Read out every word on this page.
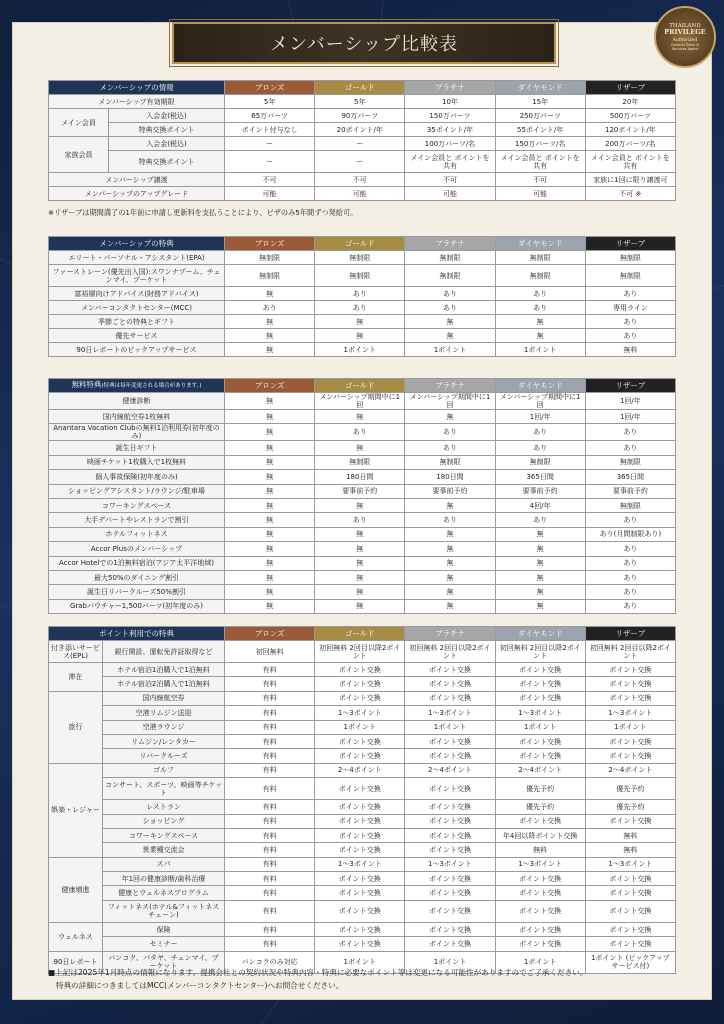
メンバーシップ比較表
THAILAND
PRIVILEGE
Authorized
General Sales &
Services Agent
メンバーシップの情報		ブロンズ	ゴールド	プラチナ	ダイヤモンド	リザーブ
メンバーシップ有効期限		5年	5年	10年	15年	20年
メイン会員	入会金(税込)	65万バーツ	90万バーツ	150万バーツ	250万バーツ	500万バーツ
	特典交換ポイント	ポイント付与なし	20ポイント/年	35ポイント/年	55ポイント/年	120ポイント/年
家族会員	入会金(税込)	ー	ー	100万バーツ/名	150万バーツ/名	200万バーツ/名
	特典交換ポイント	ー	ー	メイン会員と ポイントを共有	メイン会員と ポイントを共有	メイン会員と ポイントを共有
メンバーシップ譲渡		不可	不可	不可	不可	家族に1回に限り譲渡可
メンバーシップのアップグレード		可能	可能	可能	可能	不可 ※
※リザーブは期間満了の1年前に申請し更新料を支払うことにより、ビザのみ5年間ずつ発給可。
メンバーシップの特典	ブロンズ	ゴールド	プラチナ	ダイヤモンド	リザーブ
エリート・パーソナル・アシスタント(EPA)	無制限	無制限	無制限	無制限	無制限
ファーストレーン(優先出入国):スワンナプーム、チェンマイ、プーケット	無制限	無制限	無制限	無制限	無制限
富裕層向けアドバイス(財務アドバイス)	無	あり	あり	あり	あり
メンバーコンタクトセンター(MCC)	あり	あり	あり	あり	専用ライン
季節ごとの特典とギフト	無	無	無	無	あり
優先サービス	無	無	無	無	あり
90日レポートのピックアップサービス	無	1ポイント	1ポイント	1ポイント	無料
無料特典(特典は毎年変更される場合があります。)	ブロンズ	ゴールド	プラチナ	ダイヤモンド	リザーブ
健康診断	無	メンバーシップ期間中に1回	メンバーシップ期間中に1回	メンバーシップ期間中に1回	1回/年
国内線航空券1枚無料	無	無	無	1回/年	1回/年
Anantara Vacation Clubの無料1泊利用券(初年度のみ)	無	あり	あり	あり	あり
誕生日ギフト	無	無	あり	あり	あり
映画チケット1枚購入で1枚無料	無	無制限	無制限	無制限	無制限
個人事故保険(初年度のみ)	無	180日間	180日間	365日間	365日間
ショッピングアシスタント/ラウンジ/駐車場	無	要事前予約	要事前予約	要事前予約	要事前予約
コワーキングスペース	無	無	無	4回/年	無制限
大手デパートやレストランで割引	無	あり	あり	あり	あり
ホテルフィットネス	無	無	無	無	あり(月間制限あり)
Accor Plusのメンバーシップ	無	無	無	無	あり
Accor Hotelでの1泊無料宿泊(アジア太平洋地域)	無	無	無	無	あり
最大50%のダイニング割引	無	無	無	無	あり
誕生日リバークルーズ50%割引	無	無	無	無	あり
Grabバウチャー1,500バーツ(初年度のみ)	無	無	無	無	あり
ポイント利用での特典		ブロンズ	ゴールド	プラチナ	ダイヤモンド	リザーブ
付き添いサービス(EPL)	銀行開設、運転免許証取得など	初回無料	初回無料 2回目以降2ポイント	初回無料 2回目以降2ポイント	初回無料 2回目以降2ポイント	初回無料 2回目以降2ポイント
滞在	ホテル宿泊1泊購入で1泊無料	有料	ポイント交換	ポイント交換	ポイント交換	ポイント交換
	ホテル宿泊2泊購入で1泊無料	有料	ポイント交換	ポイント交換	ポイント交換	ポイント交換
旅行	国内線航空券	有料	ポイント交換	ポイント交換	ポイント交換	ポイント交換
	空港リムジン送迎	有料	1〜3ポイント	1〜3ポイント	1〜3ポイント	1〜3ポイント
	空港ラウンジ	有料	1ポイント	1ポイント	1ポイント	1ポイント
	リムジン/レンタカー	有料	ポイント交換	ポイント交換	ポイント交換	ポイント交換
	リバークルーズ	有料	ポイント交換	ポイント交換	ポイント交換	ポイント交換
娯楽・レジャー	ゴルフ	有料	2〜4ポイント	2〜4ポイント	2〜4ポイント	2〜4ポイント
	コンサート、スポーツ、映画等チケット	有料	ポイント交換	ポイント交換	優先予約	優先予約
	レストラン	有料	ポイント交換	ポイント交換	優先予約	優先予約
	ショッピング	有料	ポイント交換	ポイント交換	ポイント交換	ポイント交換
	コワーキングスペース	有料	ポイント交換	ポイント交換	年4回以降ポイント交換	無料
	異業種交流会	有料	ポイント交換	ポイント交換	無料	無料
健康増進	スパ	有料	1〜3ポイント	1〜3ポイント	1〜3ポイント	1〜3ポイント
	年1回の健康診断/歯科治療	有料	ポイント交換	ポイント交換	ポイント交換	ポイント交換
	健康とウェルネスプログラム	有料	ポイント交換	ポイント交換	ポイント交換	ポイント交換
	フィットネス(ホテル&フィットネスチェーン)	有料	ポイント交換	ポイント交換	ポイント交換	ポイント交換
ウェルネス	保険	有料	ポイント交換	ポイント交換	ポイント交換	ポイント交換
	セミナー	有料	ポイント交換	ポイント交換	ポイント交換	ポイント交換
90日レポート	バンコク、パタヤ、チェンマイ、プーケット	バンコクのみ対応	1ポイント	1ポイント	1ポイント	1ポイント (ピックアップサービス付)
■上記は2025年1月時点の情報になります。提携会社との契約状況や特典内容・特典に必要なポイント等は変更になる可能性がありますのでご了承ください。
特典の詳細につきましてはMCC(メンバーコンタクトセンター)へお問合せください。
